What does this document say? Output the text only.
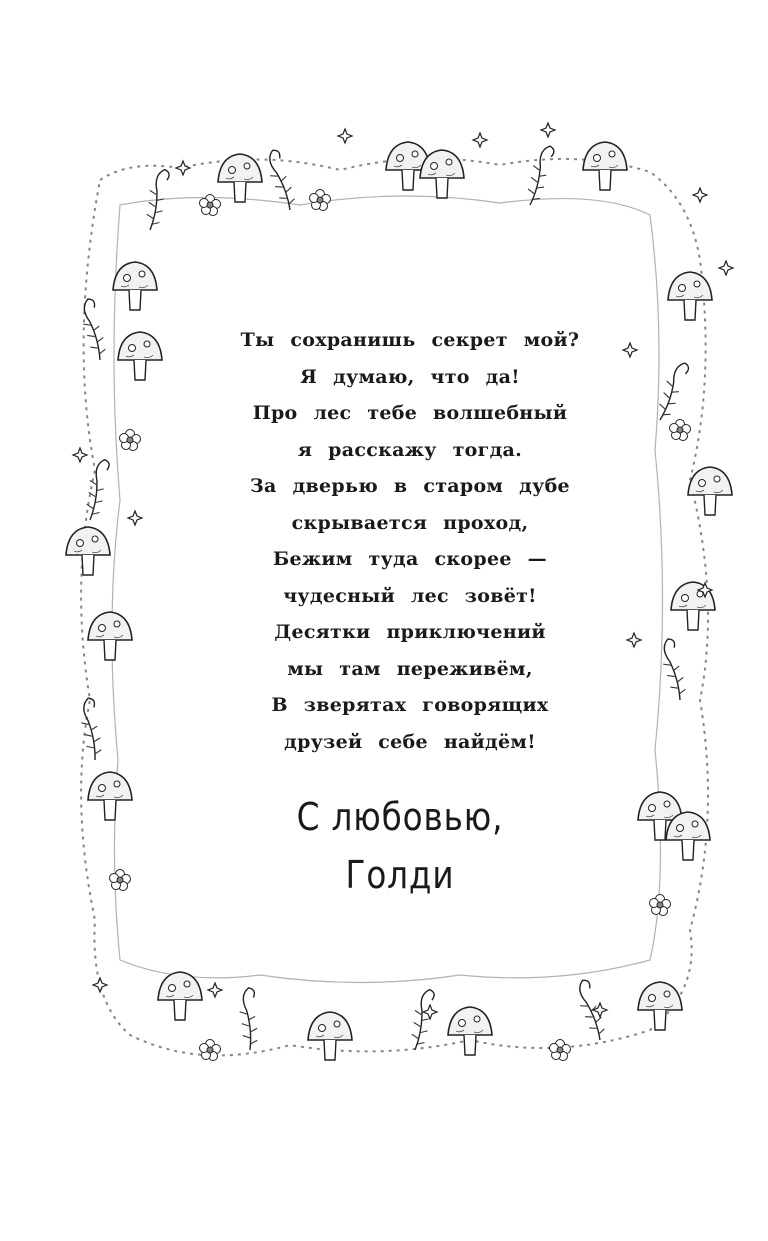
Ты сохранишь секрет мой?
Я думаю, что да!
Про лес тебе волшебный
я расскажу тогда.
За дверью в старом дубе
скрывается проход,
Бежим туда скорее —
чудесный лес зовёт!
Десятки приключений
мы там переживём,
В зверятах говорящих
друзей себе найдём!
С любовью,
Голди
